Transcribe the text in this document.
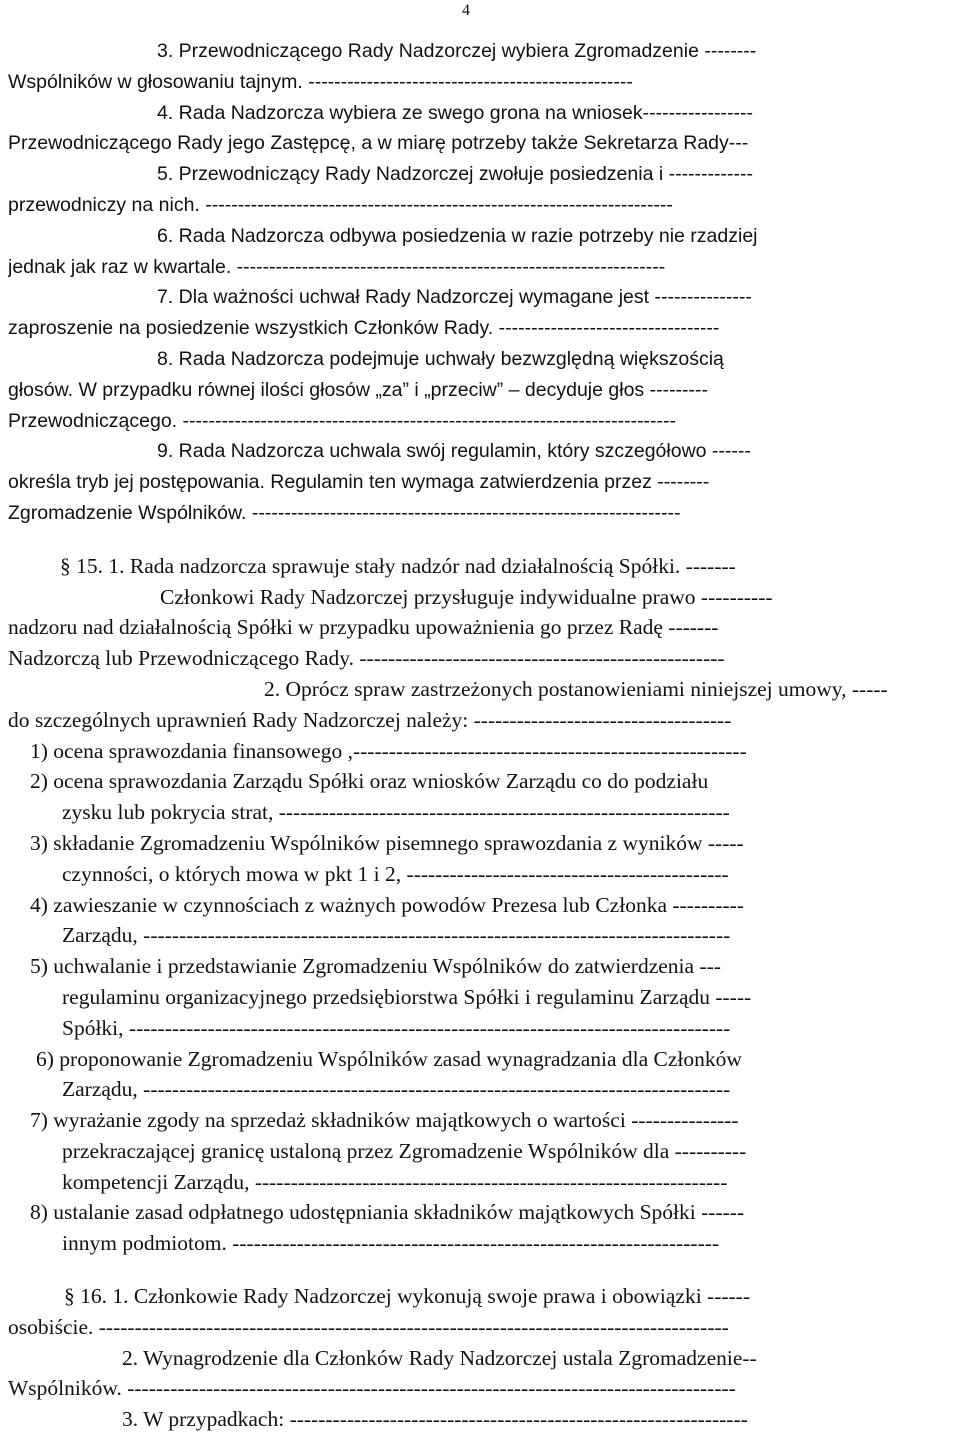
4
3. Przewodniczącego Rady Nadzorczej wybiera Zgromadzenie --------
Wspólników w głosowaniu tajnym. --------------------------------------------------
4. Rada Nadzorcza wybiera ze swego grona na wniosek-----------------
Przewodniczącego Rady jego Zastępcę, a w miarę potrzeby także Sekretarza Rady---
5. Przewodniczący Rady Nadzorczej zwołuje posiedzenia i -------------
przewodniczy na nich. ------------------------------------------------------------------------
6. Rada Nadzorcza odbywa posiedzenia w razie potrzeby nie rzadziej
jednak jak raz w kwartale. ------------------------------------------------------------------
7. Dla ważności uchwał Rady Nadzorczej wymagane jest ---------------
zaproszenie na posiedzenie wszystkich Członków Rady. ----------------------------------
8. Rada Nadzorcza podejmuje uchwały bezwzględną większością
głosów. W przypadku równej ilości głosów „za” i „przeciw” – decyduje głos ---------
Przewodniczącego. ----------------------------------------------------------------------------
9. Rada Nadzorcza uchwala swój regulamin, który szczegółowo ------
określa tryb jej postępowania. Regulamin ten wymaga zatwierdzenia przez --------
Zgromadzenie Wspólników. ------------------------------------------------------------------
§ 15. 1. Rada nadzorcza sprawuje stały nadzór nad działalnością Spółki. -------
Członkowi Rady Nadzorczej przysługuje indywidualne prawo ----------
nadzoru nad działalnością Spółki w przypadku upoważnienia go przez Radę -------
Nadzorczą lub Przewodniczącego Rady. ---------------------------------------------------
2. Oprócz spraw zastrzeżonych postanowieniami niniejszej umowy, -----
do szczególnych uprawnień Rady Nadzorczej należy: ------------------------------------
1) ocena sprawozdania finansowego ,-------------------------------------------------------
2) ocena sprawozdania Zarządu Spółki oraz wniosków Zarządu co do podziału
zysku lub pokrycia strat, ---------------------------------------------------------------
3) składanie Zgromadzeniu Wspólników pisemnego sprawozdania z wyników -----
czynności, o których mowa w pkt 1 i 2, ---------------------------------------------
4) zawieszanie w czynnościach z ważnych powodów Prezesa lub Członka ----------
Zarządu, ----------------------------------------------------------------------------------
5) uchwalanie i przedstawianie Zgromadzeniu Wspólników do zatwierdzenia ---
regulaminu organizacyjnego przedsiębiorstwa Spółki i regulaminu Zarządu -----
Spółki, ------------------------------------------------------------------------------------
6) proponowanie Zgromadzeniu Wspólników zasad wynagradzania dla Członków
Zarządu, ----------------------------------------------------------------------------------
7) wyrażanie zgody na sprzedaż składników majątkowych o wartości ---------------
przekraczającej granicę ustaloną przez Zgromadzenie Wspólników dla ----------
kompetencji Zarządu, ------------------------------------------------------------------
8) ustalanie zasad odpłatnego udostępniania składników majątkowych Spółki ------
innym podmiotom. --------------------------------------------------------------------
§ 16. 1. Członkowie Rady Nadzorczej wykonują swoje prawa i obowiązki ------
osobiście. ----------------------------------------------------------------------------------------
2. Wynagrodzenie dla Członków Rady Nadzorczej ustala Zgromadzenie--
Wspólników. -------------------------------------------------------------------------------------
3. W przypadkach: ----------------------------------------------------------------
